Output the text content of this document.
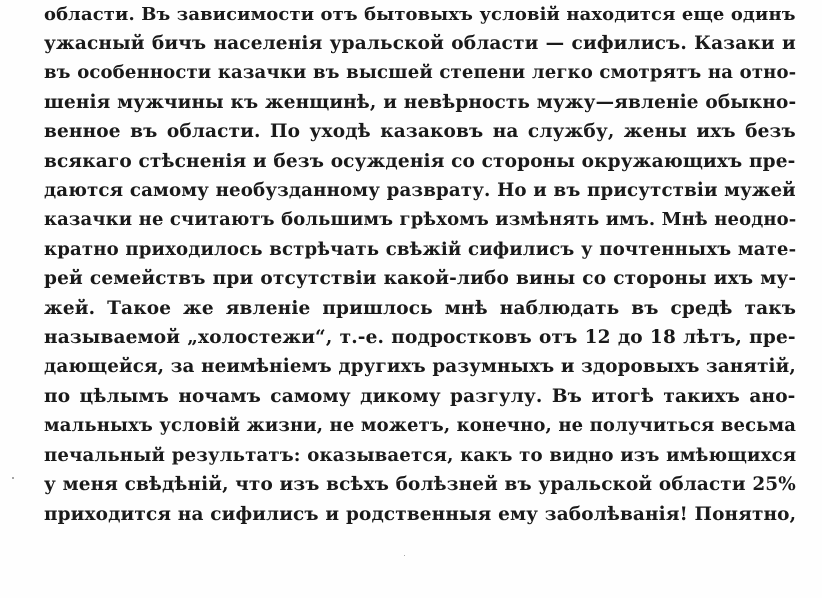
области. Въ зависимости отъ бытовыхъ условій находится еще одинъ
ужасный бичъ населенія уральской области — сифилисъ. Казаки и
въ особенности казачки въ высшей степени легко смотрятъ на отно-
шенія мужчины къ женщинѣ, и невѣрность мужу—явленіе обыкно-
венное въ области. По уходѣ казаковъ на службу, жены ихъ безъ
всякаго стѣсненія и безъ осужденія со стороны окружающихъ пре-
даются самому необузданному разврату. Но и въ присутствіи мужей
казачки не считаютъ большимъ грѣхомъ измѣнять имъ. Мнѣ неодно-
кратно приходилось встрѣчать свѣжій сифилисъ у почтенныхъ мате-
рей семействъ при отсутствіи какой-либо вины со стороны ихъ му-
жей. Такое же явленіе пришлось мнѣ наблюдать въ средѣ такъ
называемой „холостежи“, т.-е. подростковъ отъ 12 до 18 лѣтъ, пре-
дающейся, за неимѣніемъ другихъ разумныхъ и здоровыхъ занятій,
по цѣлымъ ночамъ самому дикому разгулу. Въ итогѣ такихъ ано-
мальныхъ условій жизни, не можетъ, конечно, не получиться весьма
печальный результатъ: оказывается, какъ то видно изъ имѣющихся
у меня свѣдѣній, что изъ всѣхъ болѣзней въ уральской области 25%
приходится на сифилисъ и родственныя ему заболѣванія! Понятно,
